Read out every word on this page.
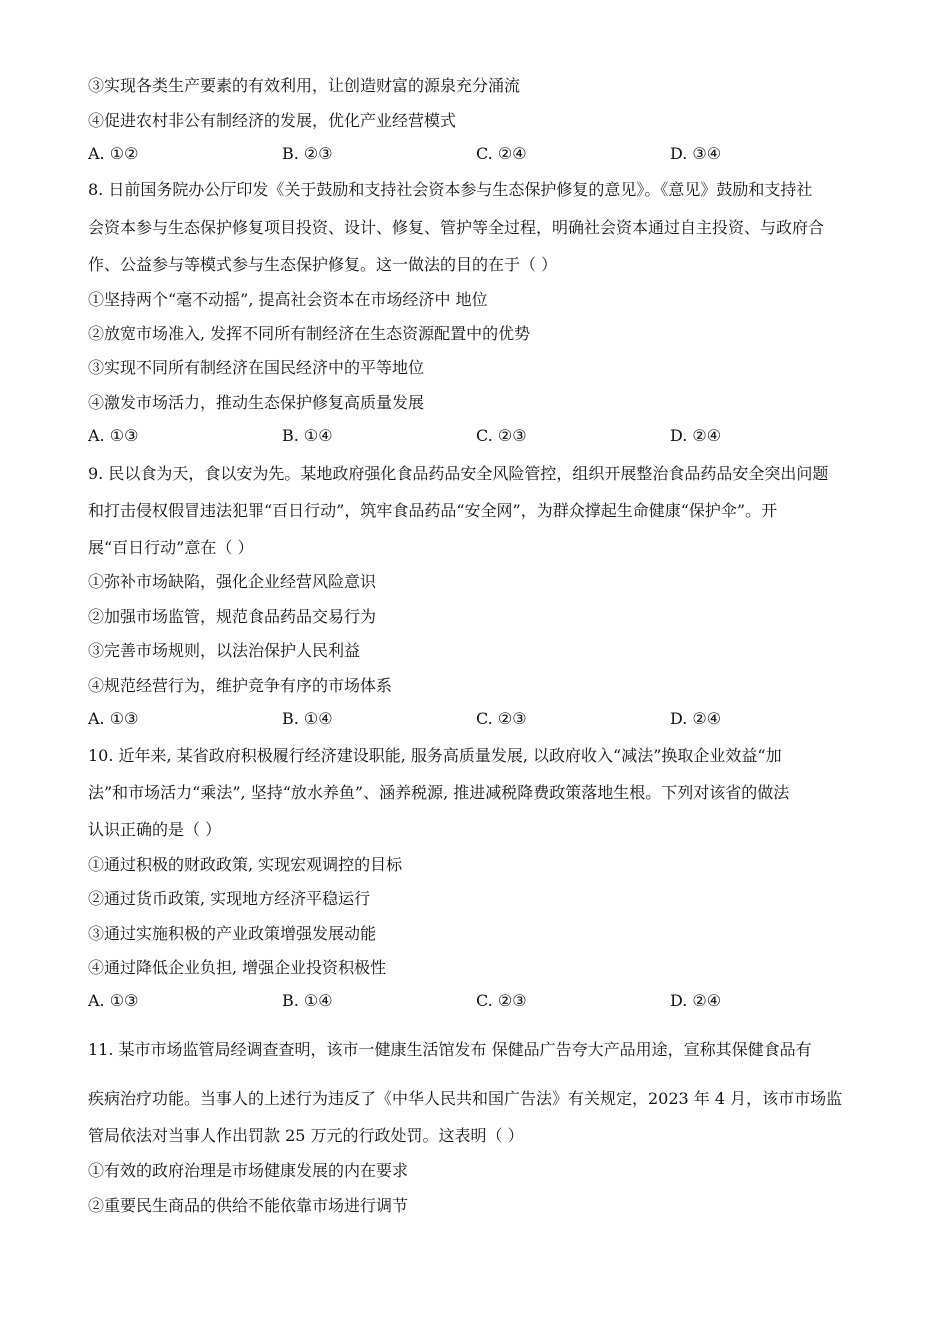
③实现各类生产要素的有效利用，让创造财富的源泉充分涌流
④促进农村非公有制经济的发展，优化产业经营模式
A. ①②	B. ②③	C. ②④	D. ③④
8. 日前国务院办公厅印发《关于鼓励和支持社会资本参与生态保护修复的意见》。《意见》鼓励和支持社
会资本参与生态保护修复项目投资、设计、修复、管护等全过程，明确社会资本通过自主投资、与政府合
作、公益参与等模式参与生态保护修复。这一做法的目的在于（ ）
①坚持两个“毫不动摇”, 提高社会资本在市场经济中 地位
②放宽市场准入, 发挥不同所有制经济在生态资源配置中的优势
③实现不同所有制经济在国民经济中的平等地位
④激发市场活力，推动生态保护修复高质量发展
A. ①③	B. ①④	C. ②③	D. ②④
9. 民以食为天，食以安为先。某地政府强化食品药品安全风险管控，组织开展整治食品药品安全突出问题
和打击侵权假冒违法犯罪“百日行动”，筑牢食品药品“安全网”，为群众撑起生命健康“保护伞”。开
展“百日行动”意在（ ）
①弥补市场缺陷，强化企业经营风险意识
②加强市场监管，规范食品药品交易行为
③完善市场规则，以法治保护人民利益
④规范经营行为，维护竞争有序的市场体系
A. ①③	B. ①④	C. ②③	D. ②④
10. 近年来, 某省政府积极履行经济建设职能, 服务高质量发展, 以政府收入“减法”换取企业效益“加
法”和市场活力“乘法”, 坚持“放水养鱼”、涵养税源, 推进减税降费政策落地生根。下列对该省的做法
认识正确的是（ ）
①通过积极的财政政策, 实现宏观调控的目标
②通过货币政策, 实现地方经济平稳运行
③通过实施积极的产业政策增强发展动能
④通过降低企业负担, 增强企业投资积极性
A. ①③	B. ①④	C. ②③	D. ②④
11. 某市市场监管局经调查查明，该市一健康生活馆发布 保健品广告夸大产品用途，宣称其保健食品有
疾病治疗功能。当事人的上述行为违反了《中华人民共和国广告法》有关规定，2023 年 4 月，该市市场监
管局依法对当事人作出罚款 25 万元的行政处罚。这表明（ ）
①有效的政府治理是市场健康发展的内在要求
②重要民生商品的供给不能依靠市场进行调节
